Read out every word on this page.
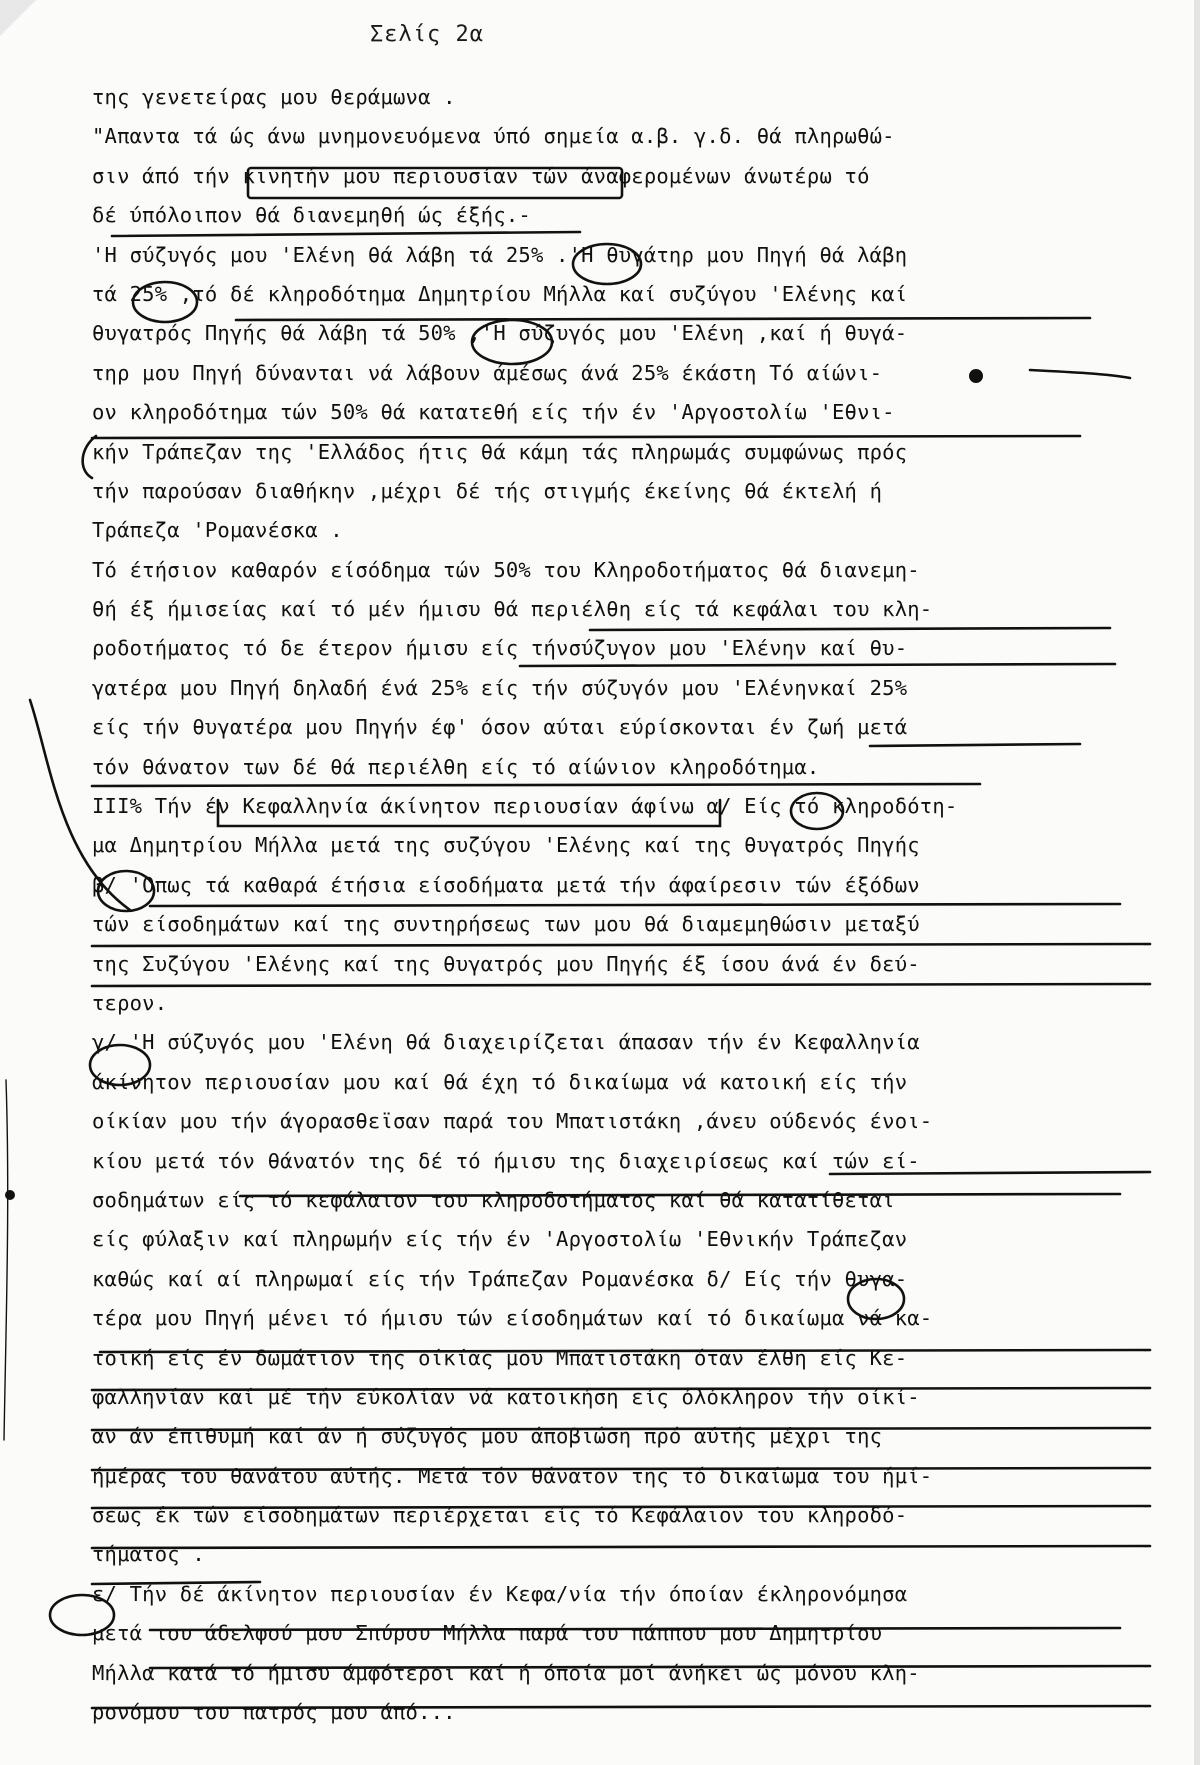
Σελίς 2α
της γενετείρας μου θεράμωνα .
"Απαντα τά ώς άνω μνημονευόμενα ύπό σημεία α.β. γ.δ. θά πληρωθώ-
σιν άπό τήν κινητήν μου περιουσίαν τών άναφερομένων άνωτέρω τό
δέ ύπόλοιπον θά διανεμηθή ώς έξής.-
'Η σύζυγός μου 'Ελένη θά λάβη τά 25% .'Η θυγάτηρ μου Πηγή θά λάβη
τά 25% ,τό δέ κληροδότημα Δημητρίου Μήλλα καί συζύγου 'Ελένης καί
θυγατρός Πηγής θά λάβη τά 50% ,'Η σύζυγός μου 'Ελένη ,καί ή θυγά-
τηρ μου Πηγή δύνανται νά λάβουν άμέσως άνά 25% έκάστη Τό αίώνι-
ον κληροδότημα τών 50% θά κατατεθή είς τήν έν 'Αργοστολίω 'Εθνι-
κήν Τράπεζαν της 'Ελλάδος ήτις θά κάμη τάς πληρωμάς συμφώνως πρός
τήν παρούσαν διαθήκην ,μέχρι δέ τής στιγμής έκείνης θά έκτελή ή
Τράπεζα 'Ρομανέσκα .
Τό έτήσιον καθαρόν είσόδημα τών 50% του Κληροδοτήματος θά διανεμη-
θή έξ ήμισείας καί τό μέν ήμισυ θά περιέλθη είς τά κεφάλαι του κλη-
ροδοτήματος τό δε έτερον ήμισυ είς τήνσύζυγον μου 'Ελένην καί θυ-
γατέρα μου Πηγή δηλαδή ένά 25% είς τήν σύζυγόν μου 'Ελένηνκαί 25%
είς τήν θυγατέρα μου Πηγήν έφ' όσον αύται εύρίσκονται έν ζωή μετά
τόν θάνατον των δέ θά περιέλθη είς τό αίώνιον κληροδότημα.
III% Τήν έν Κεφαλληνία άκίνητον περιουσίαν άφίνω α/ Είς τό κληροδότη-
μα Δημητρίου Μήλλα μετά της συζύγου 'Ελένης καί της θυγατρός Πηγής
β/ 'Οπως τά καθαρά έτήσια είσοδήματα μετά τήν άφαίρεσιν τών έξόδων
τών είσοδημάτων καί της συντηρήσεως των μου θά διαμεμηθώσιν μεταξύ
της Συζύγου 'Ελένης καί της θυγατρός μου Πηγής έξ ίσου άνά έν δεύ-
τερον.
γ/ 'Η σύζυγός μου 'Ελένη θά διαχειρίζεται άπασαν τήν έν Κεφαλληνία
άκίνητον περιουσίαν μου καί θά έχη τό δικαίωμα νά κατοική είς τήν
οίκίαν μου τήν άγορασθεϊσαν παρά του Μπατιστάκη ,άνευ ούδενός ένοι-
κίου μετά τόν θάνατόν της δέ τό ήμισυ της διαχειρίσεως καί τών εί-
σοδημάτων είς τό κεφάλαιον του κληροδοτήματος καί θά κατατίθεται
είς φύλαξιν καί πληρωμήν είς τήν έν 'Αργοστολίω 'Εθνικήν Τράπεζαν
καθώς καί αί πληρωμαί είς τήν Τράπεζαν Ρομανέσκα δ/ Είς τήν θυγα-
τέρα μου Πηγή μένει τό ήμισυ τών είσοδημάτων καί τό δικαίωμα νά κα-
τοική είς έν δωμάτιον της οίκίας μου Μπατιστάκη όταν έλθη είς Κε-
φαλληνίαν καί μέ τήν εύκολίαν νά κατοικήση είς όλόκληρον τήν οίκί-
αν άν έπιθυμή καί άν ή σύζυγός μου άποβιώση πρό αύτής μέχρι της
ήμέρας του θανάτου αύτής. Μετά τόν θάνατον της τό δικαίωμα του ήμί-
σεως έκ τών είσοδημάτων περιέρχεται είς τό Κεφάλαιον του κληροδό-
τήματος .
ε/ Τήν δέ άκίνητον περιουσίαν έν Κεφα/νία τήν όποίαν έκληρονόμησα
μετά του άδελφού μου Σπύρου Μήλλα παρά του πάππου μου Δημητρίου
Μήλλα κατά τό ήμισυ άμφότεροι καί ή όποία μοί άνήκει ώς μόνου κλη-
ρονόμου του πατρός μου άπό...
